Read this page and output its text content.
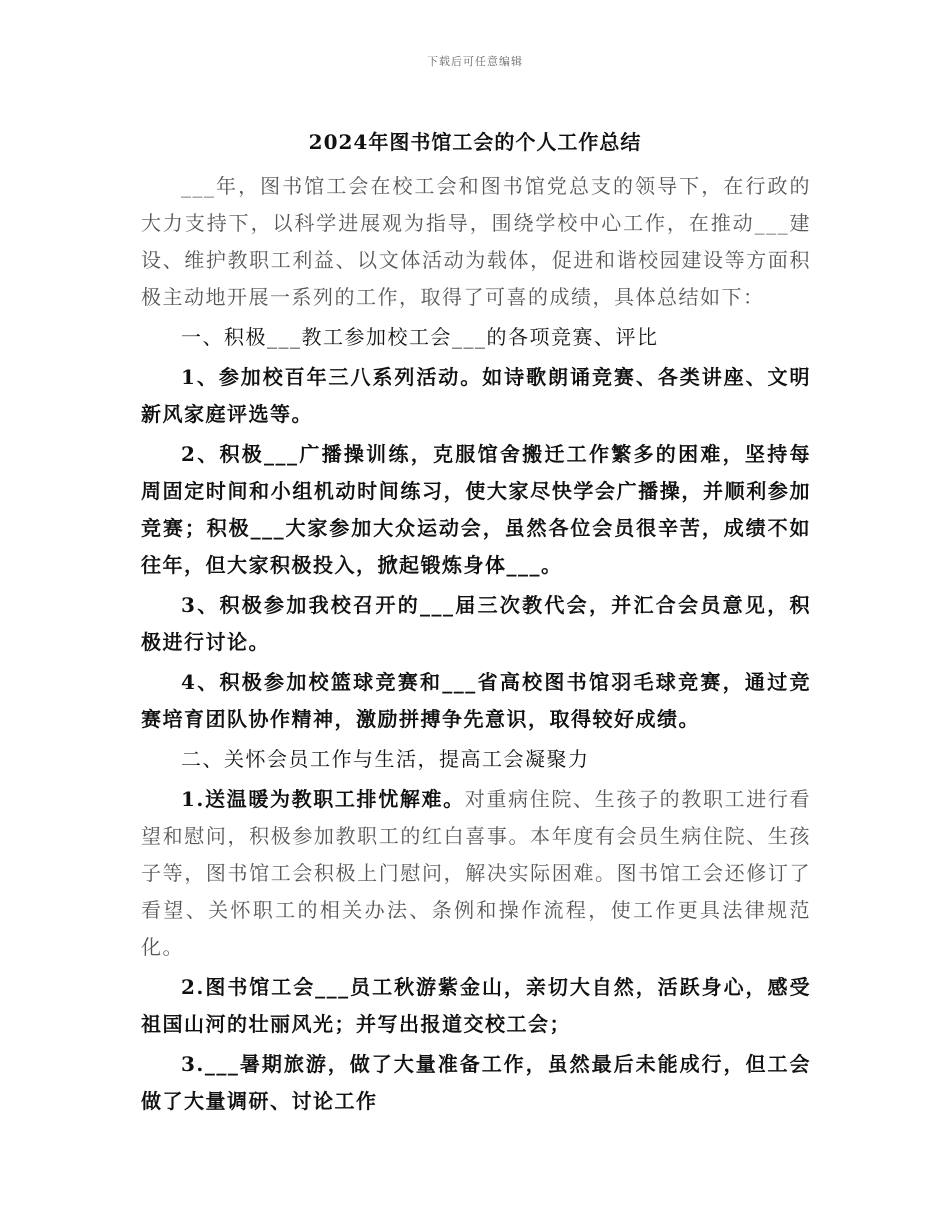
下载后可任意编辑
2024年图书馆工会的个人工作总结

___年，图书馆工会在校工会和图书馆党总支的领导下，在行政的大力支持下，以科学进展观为指导，围绕学校中心工作，在推动___建设、维护教职工利益、以文体活动为载体，促进和谐校园建设等方面积极主动地开展一系列的工作，取得了可喜的成绩，具体总结如下：

一、积极___教工参加校工会___的各项竞赛、评比

1、参加校百年三八系列活动。如诗歌朗诵竞赛、各类讲座、文明新风家庭评选等。

2、积极___广播操训练，克服馆舍搬迁工作繁多的困难，坚持每周固定时间和小组机动时间练习，使大家尽快学会广播操，并顺利参加竞赛；积极___大家参加大众运动会，虽然各位会员很辛苦，成绩不如往年，但大家积极投入，掀起锻炼身体___。

3、积极参加我校召开的___届三次教代会，并汇合会员意见，积极进行讨论。

4、积极参加校篮球竞赛和___省高校图书馆羽毛球竞赛，通过竞赛培育团队协作精神，激励拼搏争先意识，取得较好成绩。

二、关怀会员工作与生活，提高工会凝聚力

1.送温暖为教职工排忧解难。对重病住院、生孩子的教职工进行看望和慰问，积极参加教职工的红白喜事。本年度有会员生病住院、生孩子等，图书馆工会积极上门慰问，解决实际困难。图书馆工会还修订了看望、关怀职工的相关办法、条例和操作流程，使工作更具法律规范化。

2.图书馆工会___员工秋游紫金山，亲切大自然，活跃身心，感受祖国山河的壮丽风光；并写出报道交校工会；

3.___暑期旅游，做了大量准备工作，虽然最后未能成行，但工会做了大量调研、讨论工作
